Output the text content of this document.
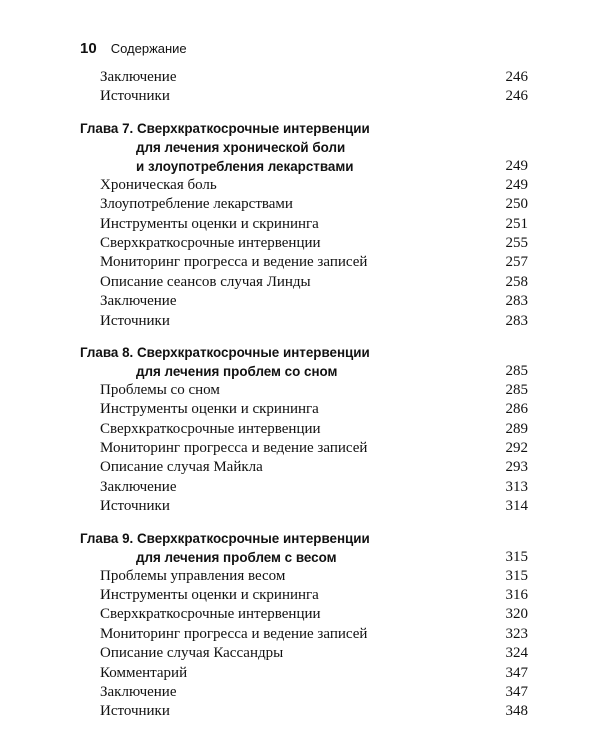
10 Содержание
Заключение	246
Источники	246
Глава 7. Сверхкраткосрочные интервенции
для лечения хронической боли
и злоупотребления лекарствами	249
Хроническая боль	249
Злоупотребление лекарствами	250
Инструменты оценки и скрининга	251
Сверхкраткосрочные интервенции	255
Мониторинг прогресса и ведение записей	257
Описание сеансов случая Линды	258
Заключение	283
Источники	283
Глава 8. Сверхкраткосрочные интервенции
для лечения проблем со сном	285
Проблемы со сном	285
Инструменты оценки и скрининга	286
Сверхкраткосрочные интервенции	289
Мониторинг прогресса и ведение записей	292
Описание случая Майкла	293
Заключение	313
Источники	314
Глава 9. Сверхкраткосрочные интервенции
для лечения проблем с весом	315
Проблемы управления весом	315
Инструменты оценки и скрининга	316
Сверхкраткосрочные интервенции	320
Мониторинг прогресса и ведение записей	323
Описание случая Кассандры	324
Комментарий	347
Заключение	347
Источники	348
